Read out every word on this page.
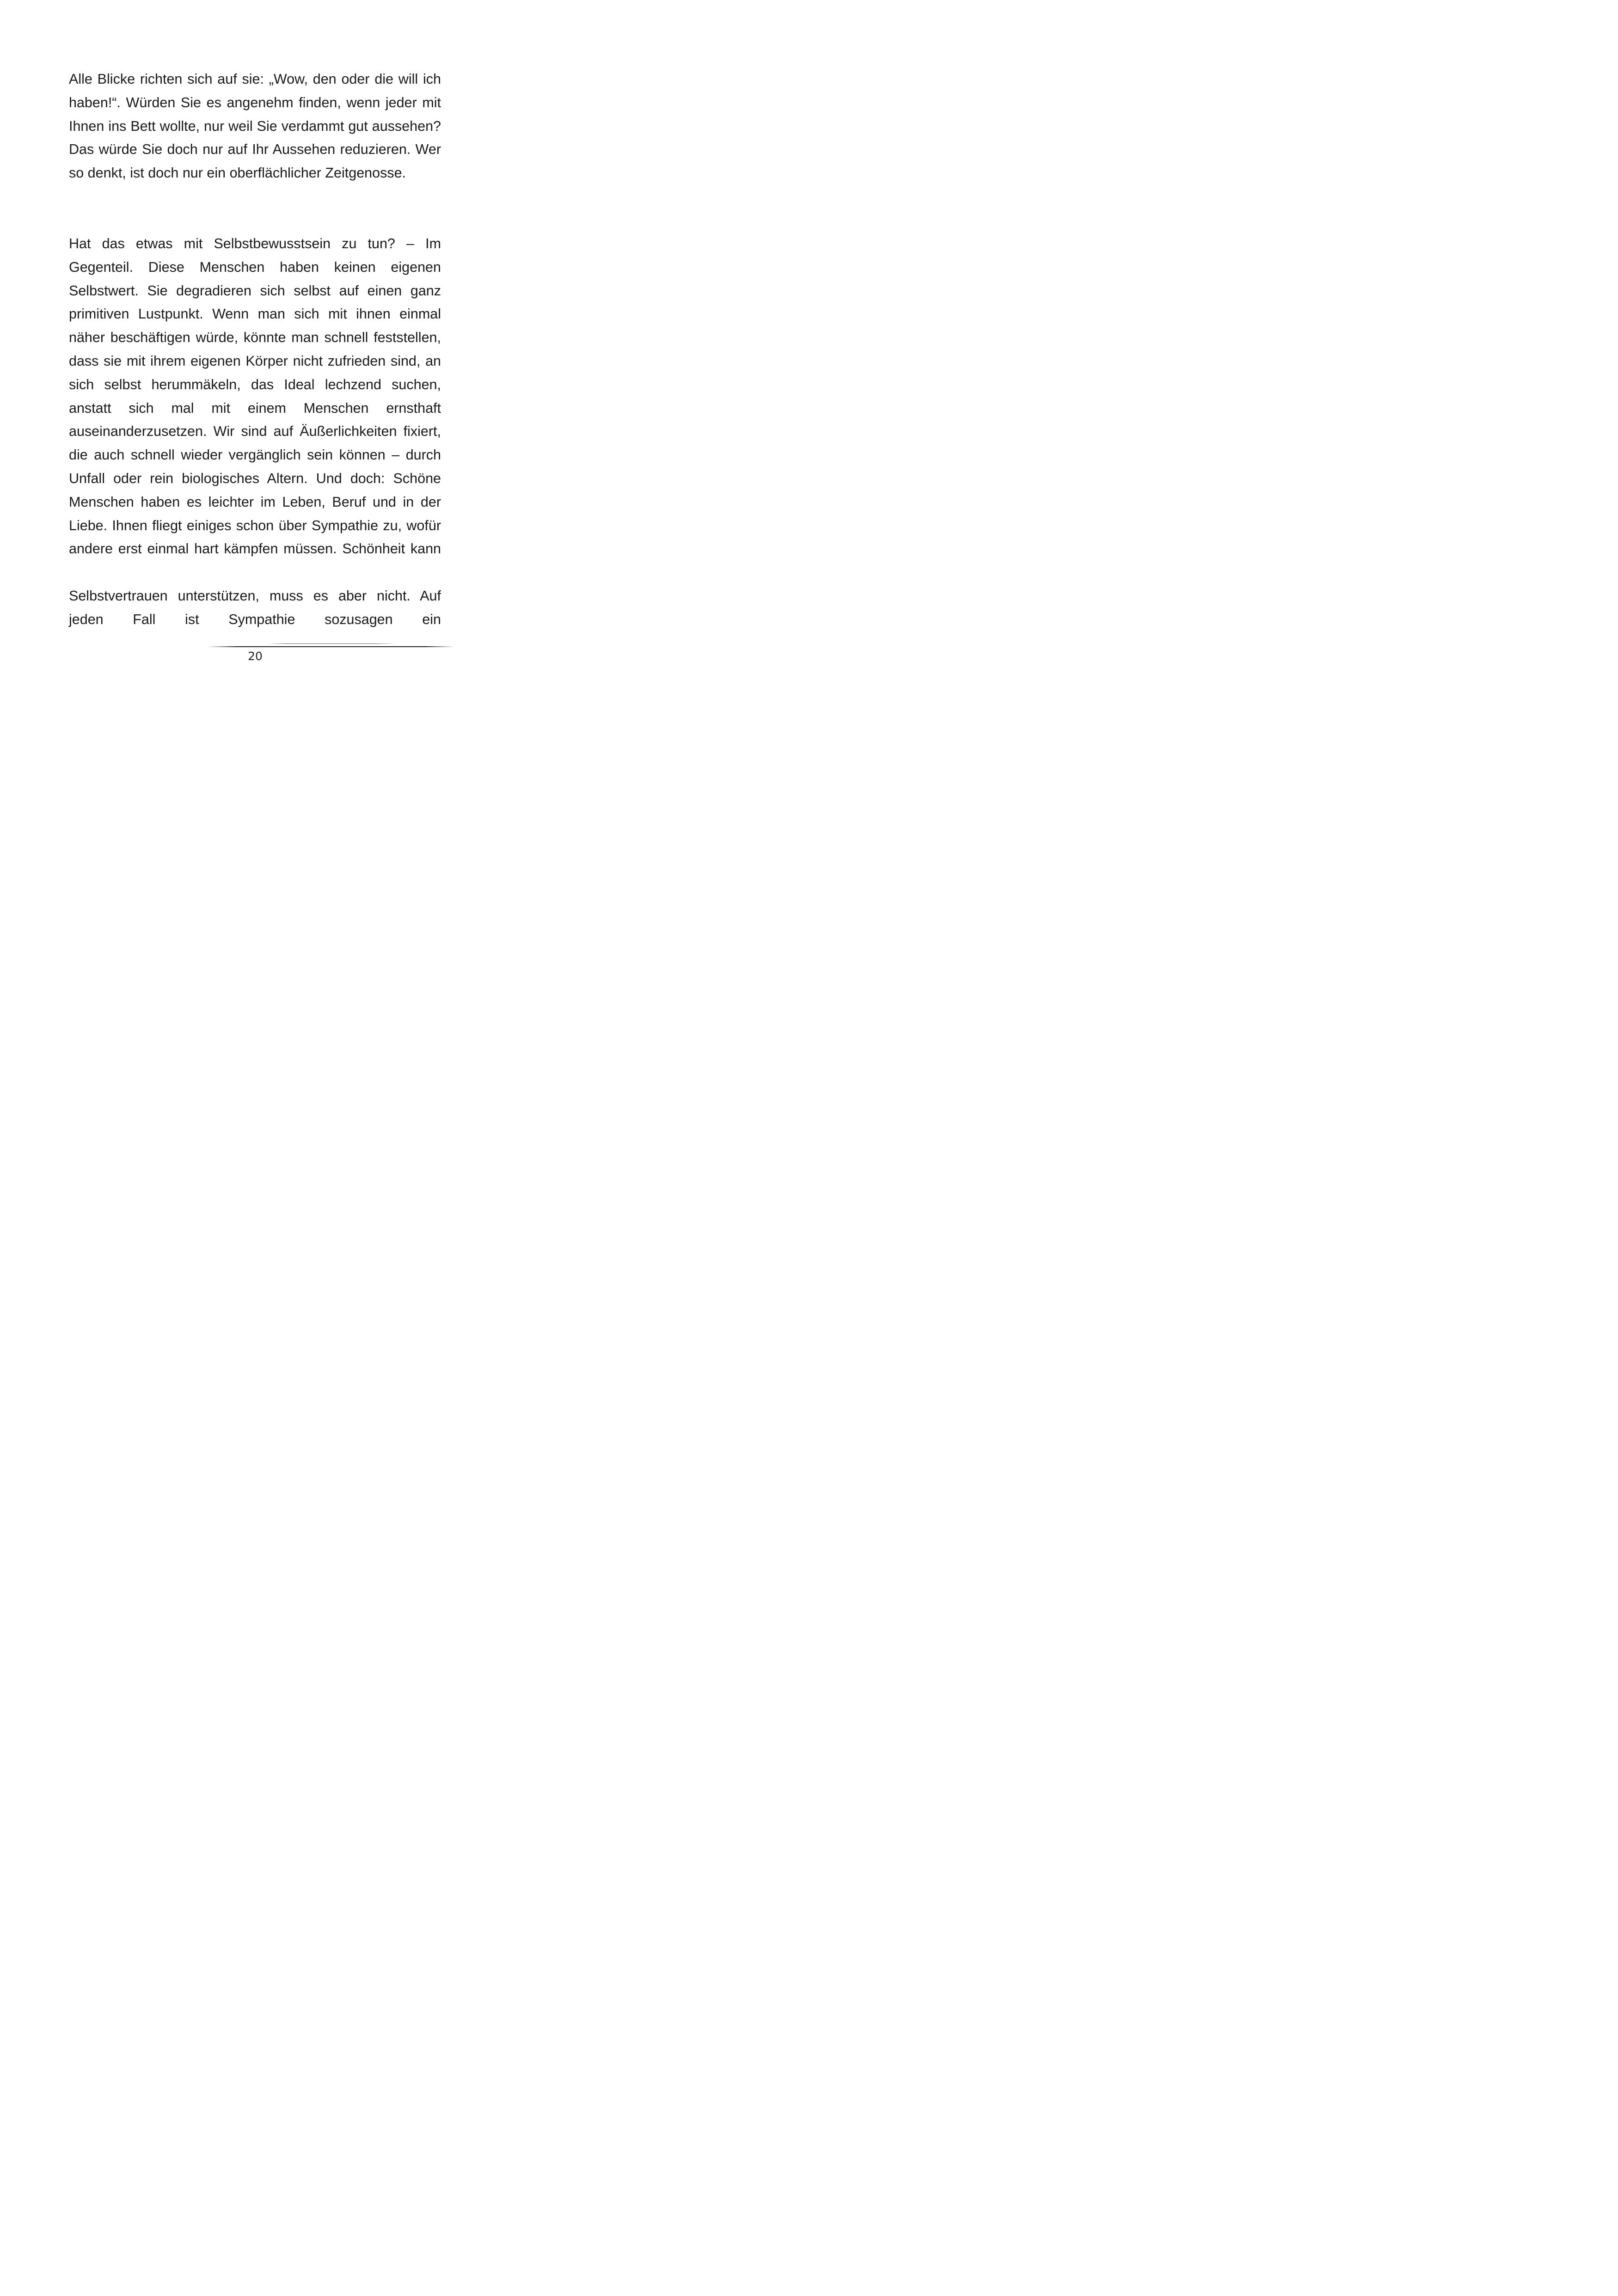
Alle Blicke richten sich auf sie: „Wow, den oder die will ich haben!“. Würden Sie es angenehm finden, wenn jeder mit Ihnen ins Bett wollte, nur weil Sie verdammt gut aussehen? Das würde Sie doch nur auf Ihr Aussehen reduzieren. Wer so denkt, ist doch nur ein oberflächlicher Zeitgenosse.

Hat das etwas mit Selbstbewusstsein zu tun? – Im Gegenteil. Diese Menschen haben keinen eigenen Selbstwert. Sie degradieren sich selbst auf einen ganz primitiven Lustpunkt. Wenn man sich mit ihnen einmal näher beschäftigen würde, könnte man schnell feststellen, dass sie mit ihrem eigenen Körper nicht zufrieden sind, an sich selbst herummäkeln, das Ideal lechzend suchen, anstatt sich mal mit einem Menschen ernsthaft auseinanderzusetzen. Wir sind auf Äußerlichkeiten fixiert, die auch schnell wieder vergänglich sein können – durch Unfall oder rein biologisches Altern. Und doch: Schöne Menschen haben es leichter im Leben, Beruf und in der Liebe. Ihnen fliegt einiges schon über Sympathie zu, wofür andere erst einmal hart kämpfen müssen. Schönheit kann

Selbstvertrauen unterstützen, muss es aber nicht. Auf jeden Fall ist Sympathie sozusagen ein

20
